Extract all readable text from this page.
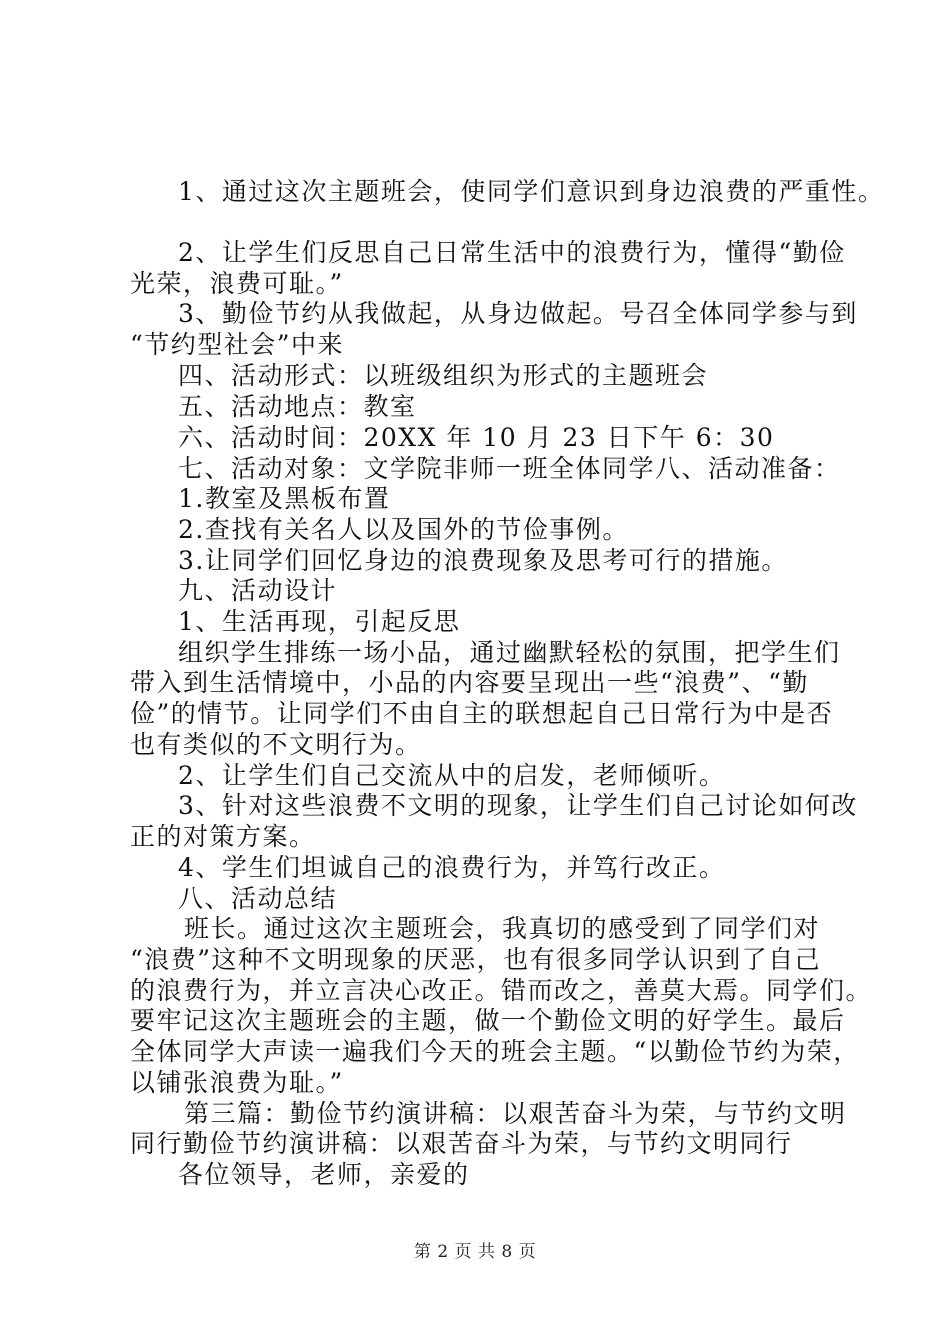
1、通过这次主题班会，使同学们意识到身边浪费的严重性。
2、让学生们反思自己日常生活中的浪费行为，懂得“勤俭
光荣，浪费可耻。”
3、勤俭节约从我做起，从身边做起。号召全体同学参与到
“节约型社会”中来
四、活动形式：以班级组织为形式的主题班会
五、活动地点：教室
六、活动时间：20XX 年 10 月 23 日下午 6：30
七、活动对象：文学院非师一班全体同学八、活动准备：
1.教室及黑板布置
2.查找有关名人以及国外的节俭事例。
3.让同学们回忆身边的浪费现象及思考可行的措施。
九、活动设计
1、生活再现，引起反思
组织学生排练一场小品，通过幽默轻松的氛围，把学生们
带入到生活情境中，小品的内容要呈现出一些“浪费”、“勤
俭”的情节。让同学们不由自主的联想起自己日常行为中是否
也有类似的不文明行为。
2、让学生们自己交流从中的启发，老师倾听。
3、针对这些浪费不文明的现象，让学生们自己讨论如何改
正的对策方案。
4、学生们坦诚自己的浪费行为，并笃行改正。
八、活动总结
班长。通过这次主题班会，我真切的感受到了同学们对
“浪费”这种不文明现象的厌恶，也有很多同学认识到了自己
的浪费行为，并立言决心改正。错而改之，善莫大焉。同学们。
要牢记这次主题班会的主题，做一个勤俭文明的好学生。最后
全体同学大声读一遍我们今天的班会主题。“以勤俭节约为荣，
以铺张浪费为耻。”
第三篇：勤俭节约演讲稿：以艰苦奋斗为荣，与节约文明
同行勤俭节约演讲稿：以艰苦奋斗为荣，与节约文明同行
各位领导，老师，亲爱的
第 2 页 共 8 页
